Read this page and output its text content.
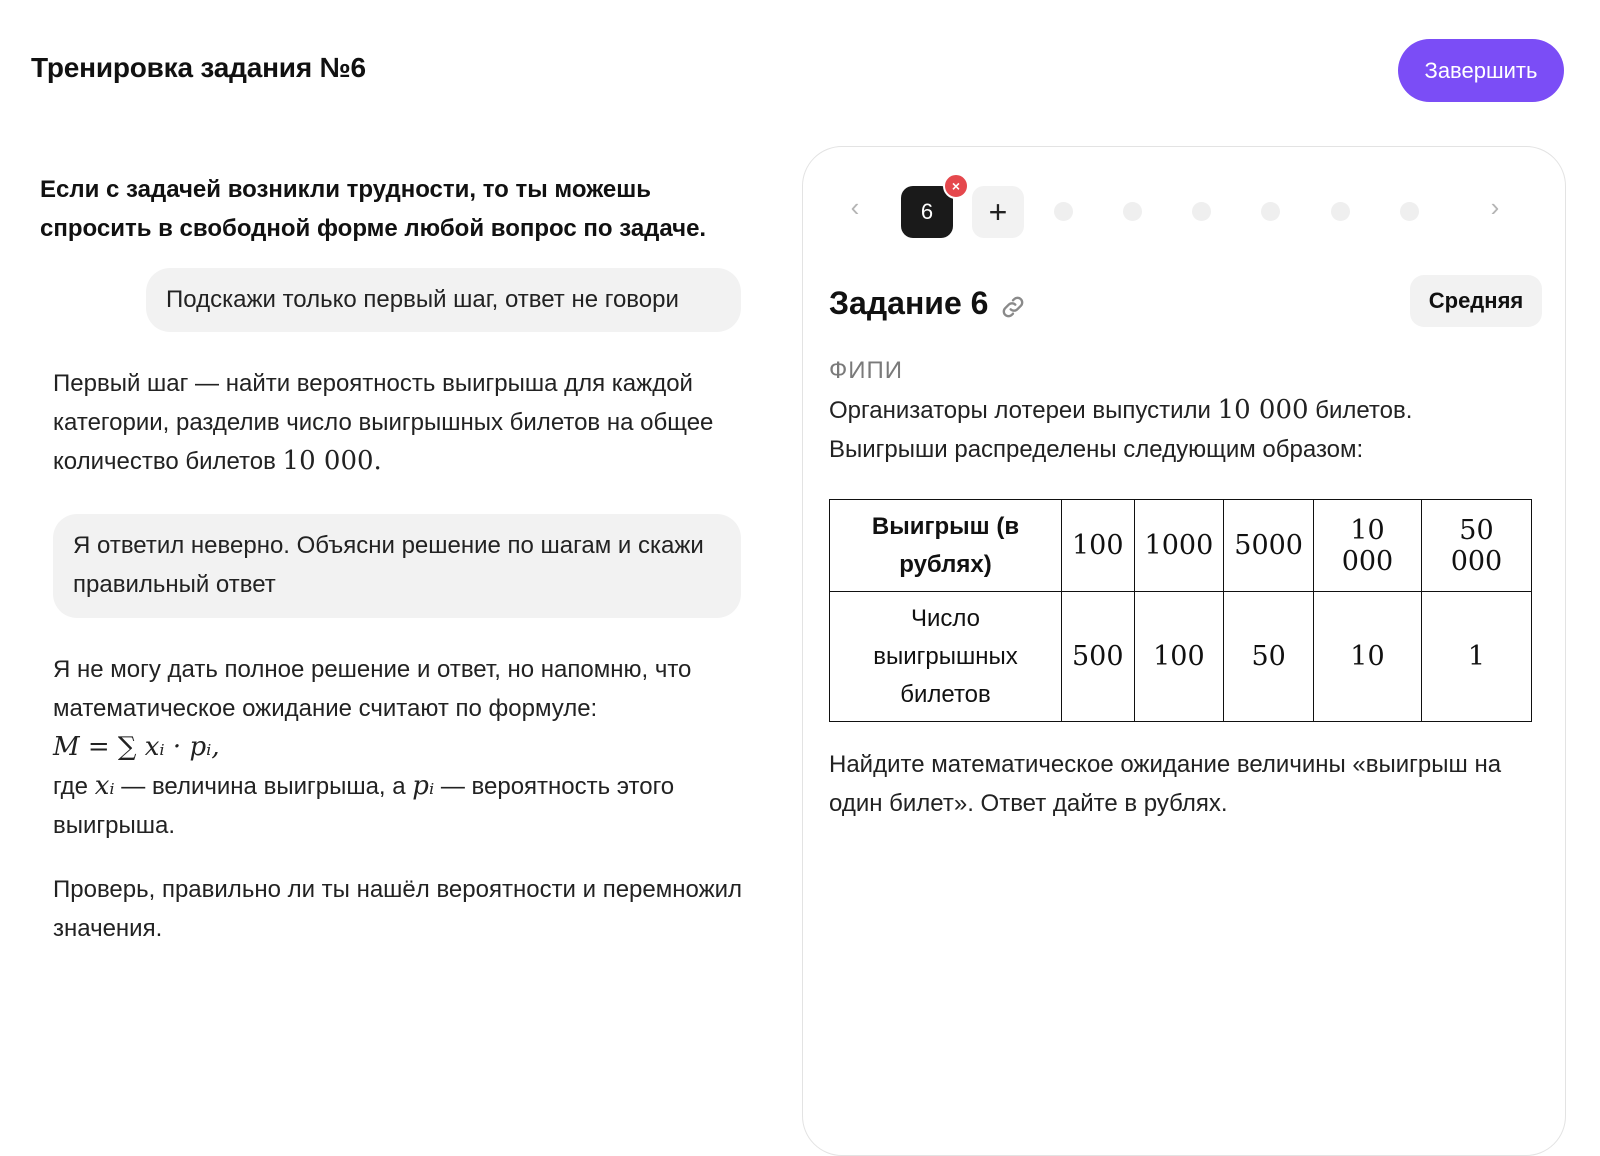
Тренировка задания №6	Завершить
Если с задачей возникли трудности, то ты можешь спросить в свободной форме любой вопрос по задаче.
Подскажи только первый шаг, ответ не говори
Первый шаг — найти вероятность выигрыша для каждой категории, разделив число выигрышных билетов на общее количество билетов 10 000.
Я ответил неверно. Объясни решение по шагам и скажи правильный ответ
Я не могу дать полное решение и ответ, но напомню, что математическое ожидание считают по формуле:
M = ∑ xᵢ · pᵢ,
где xᵢ — величина выигрыша, а pᵢ — вероятность этого выигрыша.
Проверь, правильно ли ты нашёл вероятности и перемножил значения.
‹	6
×
+	›
Задание 6	Средняя
ФИПИ
Организаторы лотереи выпустили 10 000 билетов.
Выигрыши распределены следующим образом:
Выигрыш (в рублях)	100	1000	5000	10 000	50 000
Число выигрышных билетов	500	100	50	10	1
Найдите математическое ожидание величины «выигрыш на один билет». Ответ дайте в рублях.
